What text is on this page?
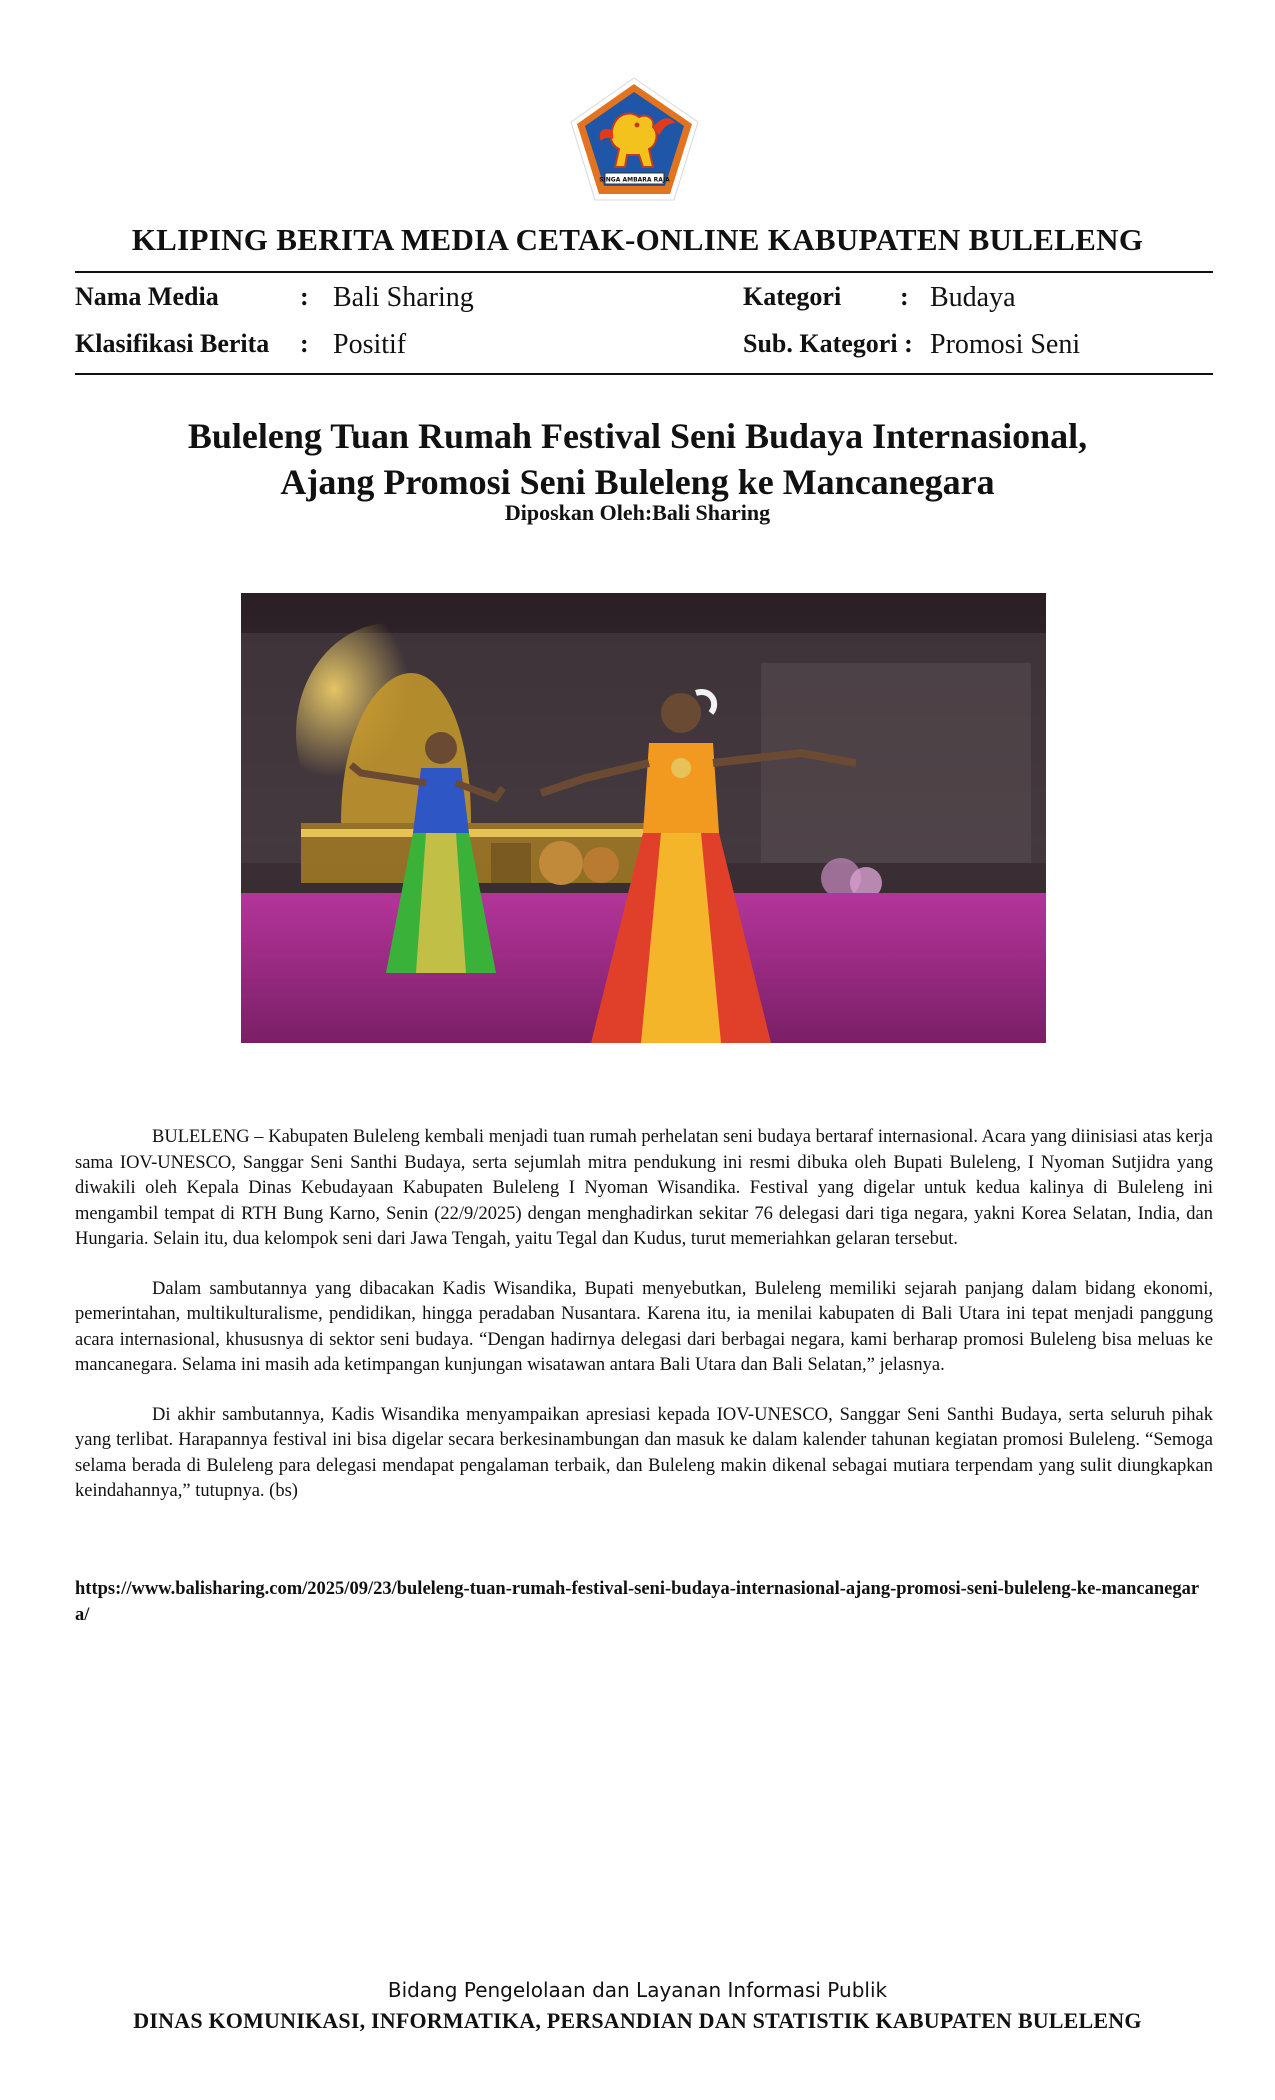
SINGA AMBARA RAJA
KLIPING BERITA MEDIA CETAK-ONLINE KABUPATEN BULELENG
Nama Media	: Bali Sharing	Kategori : Budaya
Klasifikasi Berita : Positif	Sub. Kategori : Promosi Seni
Buleleng Tuan Rumah Festival Seni Budaya Internasional,
Ajang Promosi Seni Buleleng ke Mancanegara
Diposkan Oleh:Bali Sharing

BULELENG – Kabupaten Buleleng kembali menjadi tuan rumah perhelatan seni budaya bertaraf internasional. Acara yang diinisiasi atas kerja sama IOV-UNESCO, Sanggar Seni Santhi Budaya, serta sejumlah mitra pendukung ini resmi dibuka oleh Bupati Buleleng, I Nyoman Sutjidra yang diwakili oleh Kepala Dinas Kebudayaan Kabupaten Buleleng I Nyoman Wisandika. Festival yang digelar untuk kedua kalinya di Buleleng ini mengambil tempat di RTH Bung Karno, Senin (22/9/2025) dengan menghadirkan sekitar 76 delegasi dari tiga negara, yakni Korea Selatan, India, dan Hungaria. Selain itu, dua kelompok seni dari Jawa Tengah, yaitu Tegal dan Kudus, turut memeriahkan gelaran tersebut.

Dalam sambutannya yang dibacakan Kadis Wisandika, Bupati menyebutkan, Buleleng memiliki sejarah panjang dalam bidang ekonomi, pemerintahan, multikulturalisme, pendidikan, hingga peradaban Nusantara. Karena itu, ia menilai kabupaten di Bali Utara ini tepat menjadi panggung acara internasional, khususnya di sektor seni budaya. “Dengan hadirnya delegasi dari berbagai negara, kami berharap promosi Buleleng bisa meluas ke mancanegara. Selama ini masih ada ketimpangan kunjungan wisatawan antara Bali Utara dan Bali Selatan,” jelasnya.

Di akhir sambutannya, Kadis Wisandika menyampaikan apresiasi kepada IOV-UNESCO, Sanggar Seni Santhi Budaya, serta seluruh pihak yang terlibat. Harapannya festival ini bisa digelar secara berkesinambungan dan masuk ke dalam kalender tahunan kegiatan promosi Buleleng. “Semoga selama berada di Buleleng para delegasi mendapat pengalaman terbaik, dan Buleleng makin dikenal sebagai mutiara terpendam yang sulit diungkapkan keindahannya,” tutupnya. (bs)

https://www.balisharing.com/2025/09/23/buleleng-tuan-rumah-festival-seni-budaya-internasional-ajang-promosi-seni-buleleng-ke-mancanegara/
Bidang Pengelolaan dan Layanan Informasi Publik
DINAS KOMUNIKASI, INFORMATIKA, PERSANDIAN DAN STATISTIK KABUPATEN BULELENG
